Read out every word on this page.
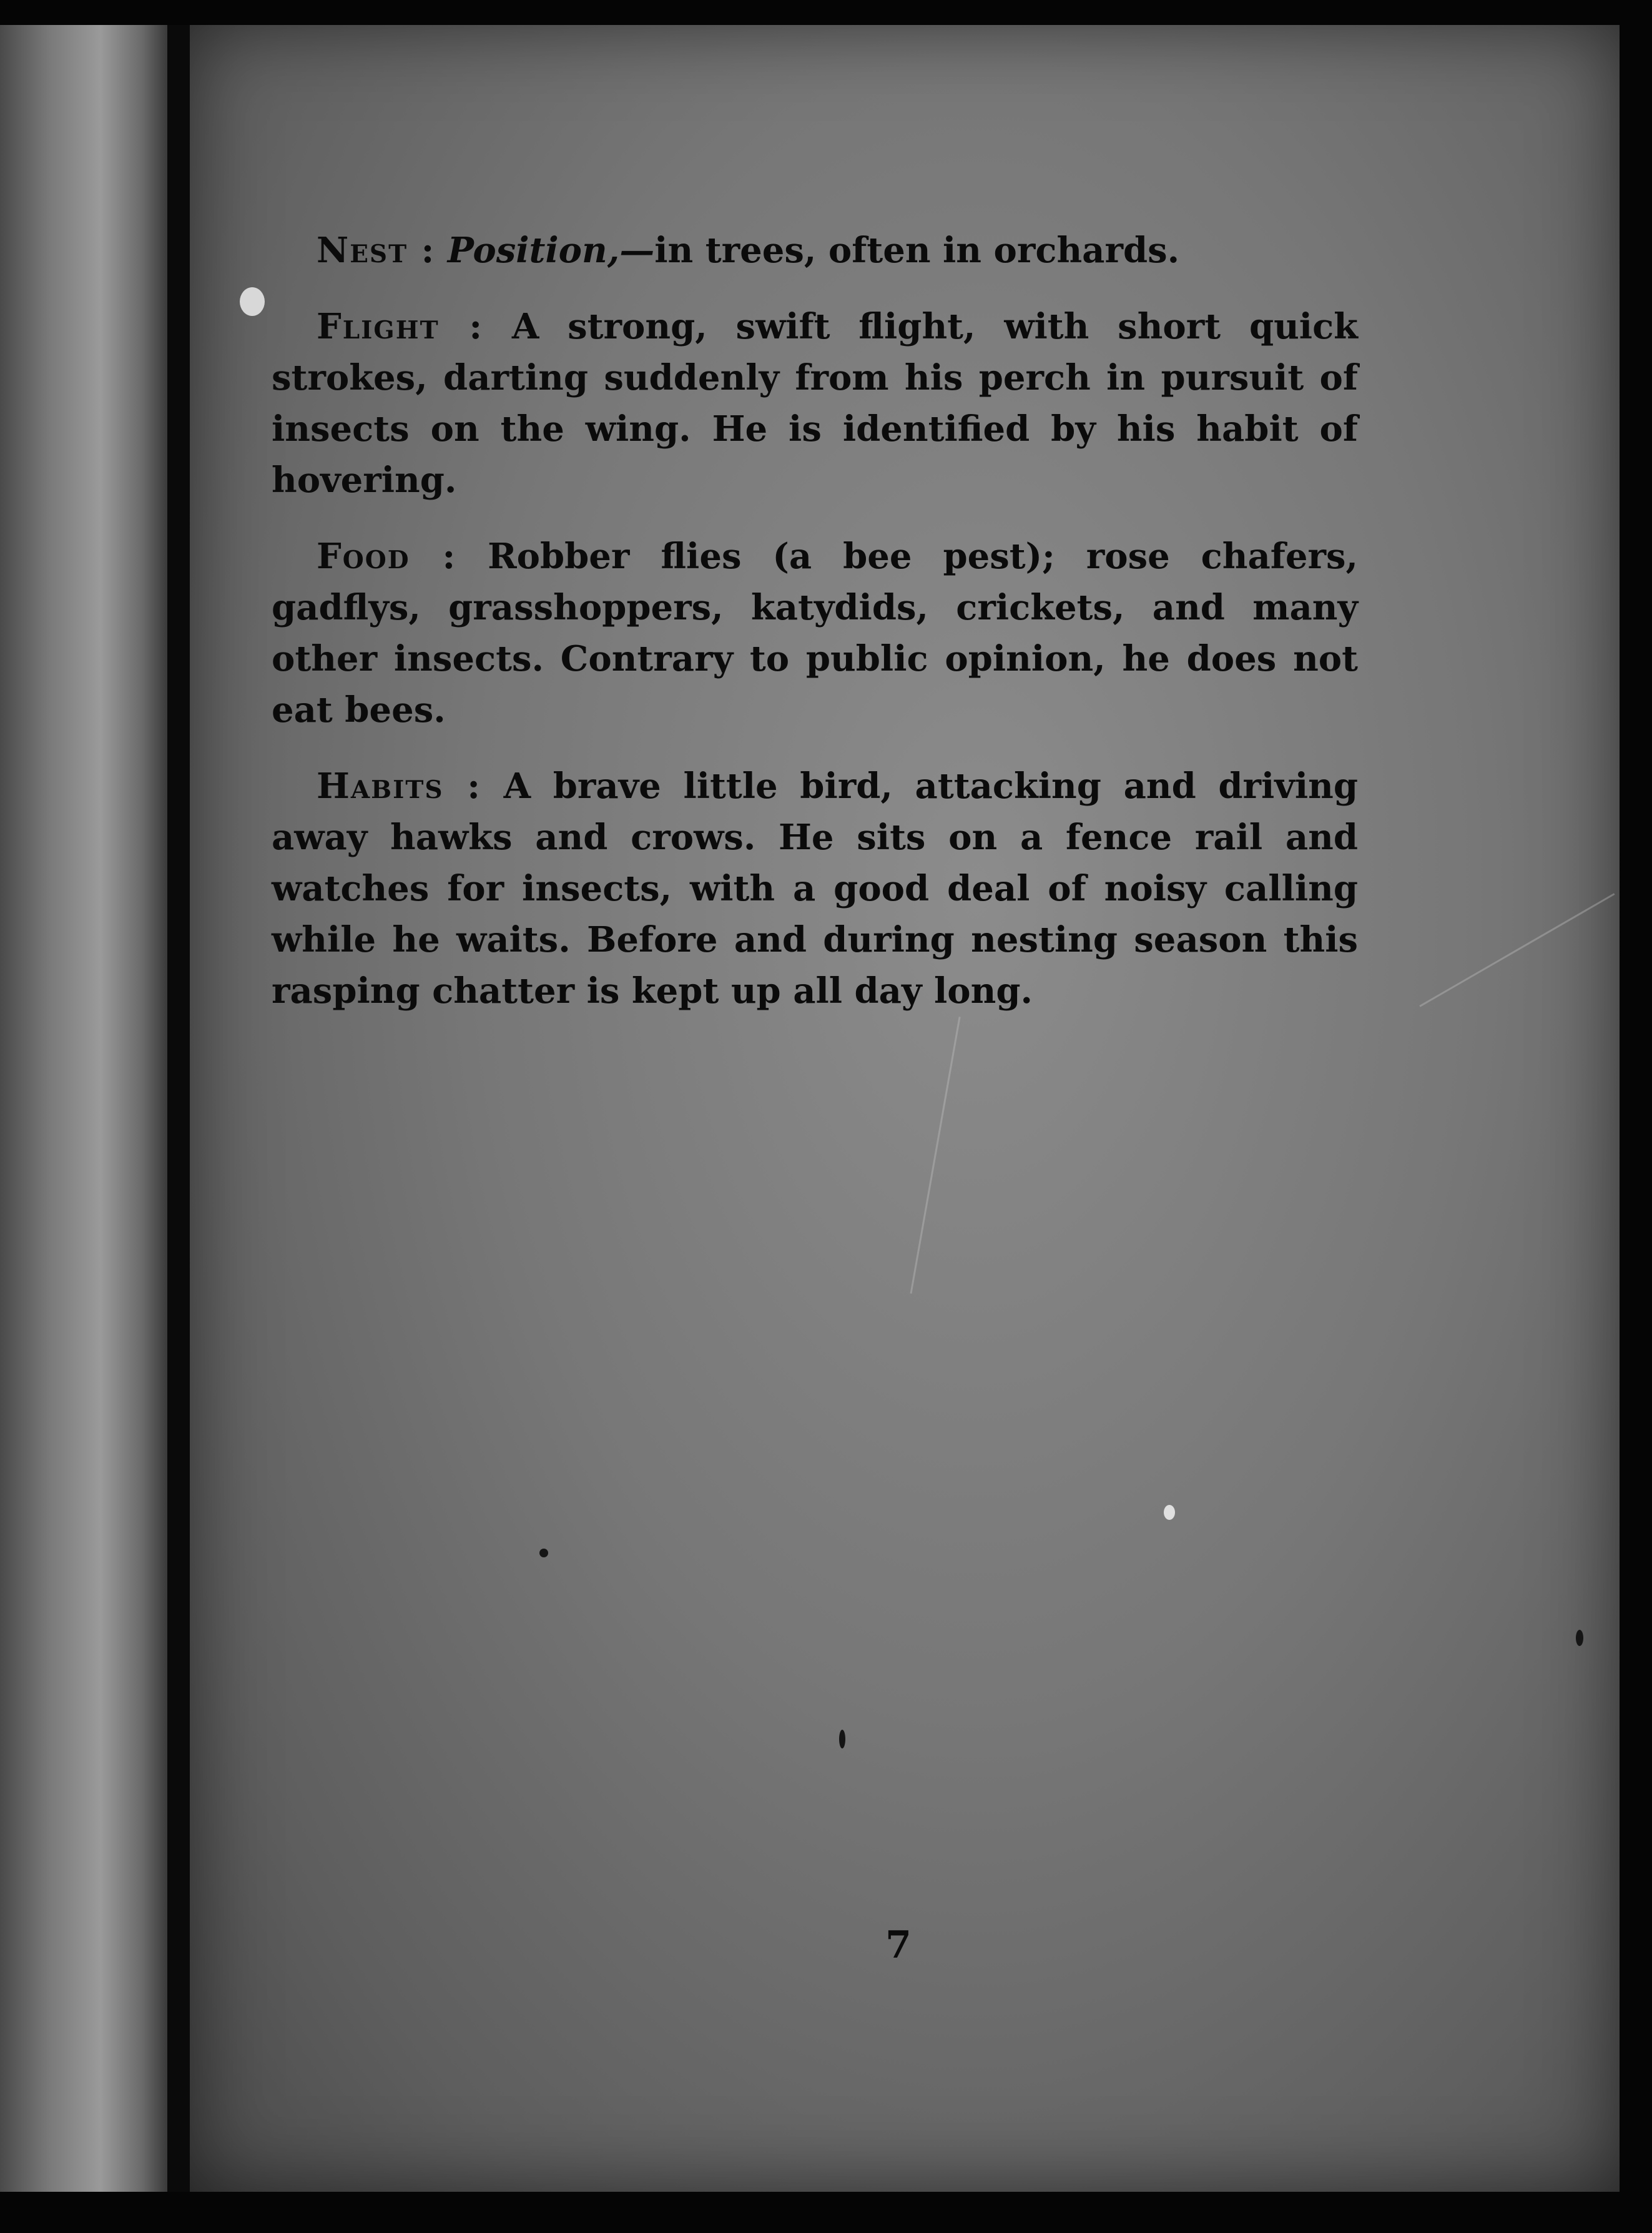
Nest : Position,—in trees, often in orchards.

Flight : A strong, swift flight, with short quick strokes, darting suddenly from his perch in pursuit of insects on the wing. He is identified by his habit of hovering.

Food : Robber flies (a bee pest); rose chafers, gadflys, grasshoppers, katydids, crickets, and many other insects. Contrary to public opinion, he does not eat bees.

Habits : A brave little bird, attacking and driving away hawks and crows. He sits on a fence rail and watches for insects, with a good deal of noisy calling while he waits. Before and during nesting season this rasping chatter is kept up all day long.

7
